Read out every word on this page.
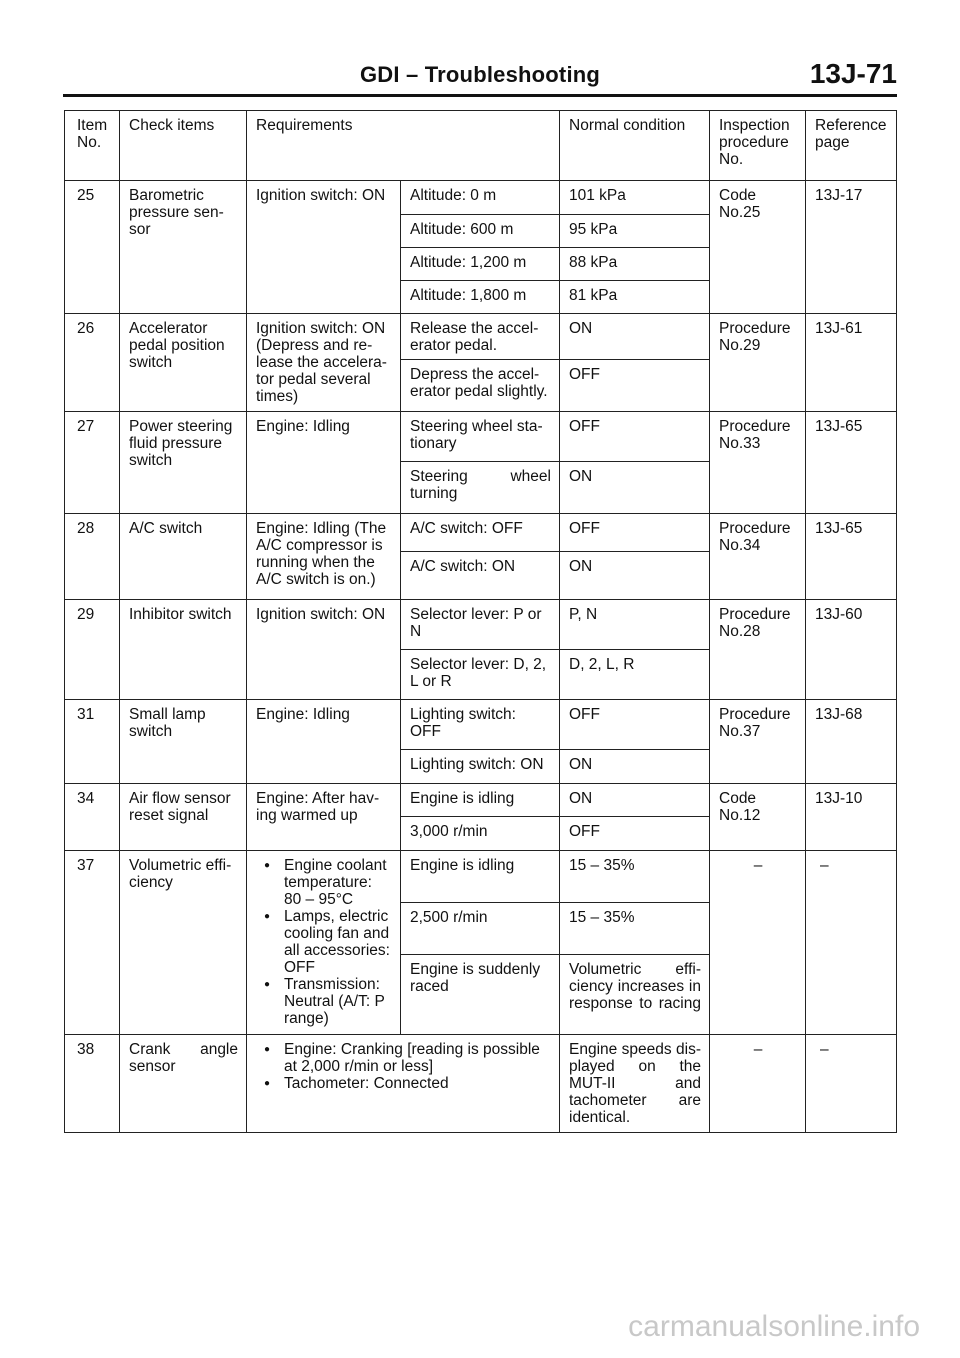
GDI – Troubleshooting	13J-71
Item
No.	Check items	Requirements		Normal condition	Inspection
procedure
No.	Reference
page
25	Barometric
pressure sen-
sor	Ignition switch: ON	Altitude: 0 m	101 kPa	Code
No.25	13J-17
			Altitude: 600 m	95 kPa		
			Altitude: 1,200 m	88 kPa		
			Altitude: 1,800 m	81 kPa		
26	Accelerator
pedal position
switch	Ignition switch: ON
(Depress and re-
lease the accelera-
tor pedal several
times)	Release the accel-
erator pedal.	ON	Procedure
No.29	13J-61
			Depress the accel-
erator pedal slightly.	OFF		
27	Power steering
fluid pressure
switch	Engine: Idling	Steering wheel sta-
tionary	OFF	Procedure
No.33	13J-65
			Steering wheel
turning	ON		
28	A/C switch	Engine: Idling (The
A/C compressor is
running when the
A/C switch is on.)	A/C switch: OFF	OFF	Procedure
No.34	13J-65
			A/C switch: ON	ON		
29	Inhibitor switch	Ignition switch: ON	Selector lever: P or
N	P, N	Procedure
No.28	13J-60
			Selector lever: D, 2,
L or R	D, 2, L, R		
31	Small lamp
switch	Engine: Idling	Lighting switch:
OFF	OFF	Procedure
No.37	13J-68
			Lighting switch: ON	ON		
34	Air flow sensor
reset signal	Engine: After hav-
ing warmed up	Engine is idling	ON	Code
No.12	13J-10
			3,000 r/min	OFF		
37	Volumetric effi-
ciency	● Engine coolant temperature: 80 – 95°C
● Lamps, electric cooling fan and all accessories: OFF
● Transmission: Neutral (A/T: P range)	Engine is idling	15 – 35%	–	–
			2,500 r/min	15 – 35%		
			Engine is suddenly
raced	Volumetric effi-
ciency increases in
response to racing		
38	Crank angle
sensor	● Engine: Cranking [reading is possible at 2,000 r/min or less]
● Tachometer: Connected		Engine speeds dis-
played on the
MUT-II and
tachometer are
identical.	–	–
carmanualsonline.info
